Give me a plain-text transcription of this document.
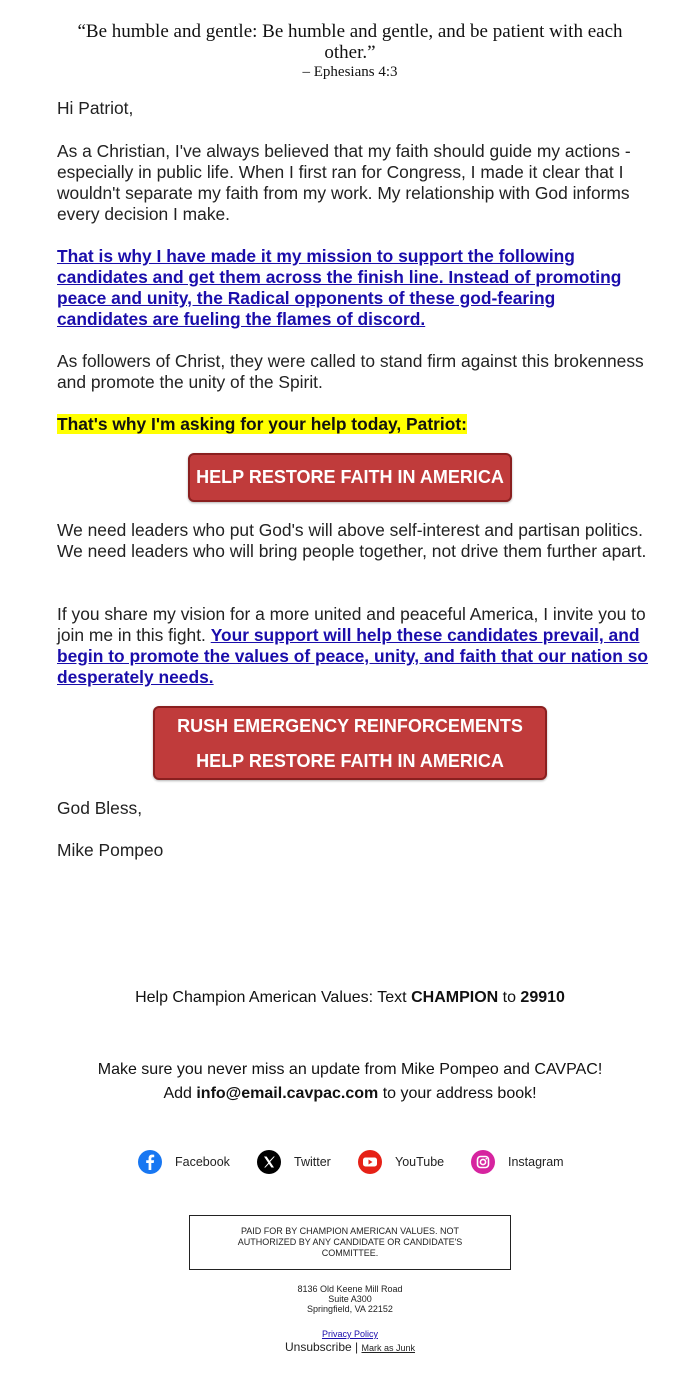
“Be humble and gentle: Be humble and gentle, and be patient with each other.”
– Ephesians 4:3
Hi Patriot,
As a Christian, I've always believed that my faith should guide my actions - especially in public life. When I first ran for Congress, I made it clear that I wouldn't separate my faith from my work. My relationship with God informs every decision I make.
That is why I have made it my mission to support the following candidates and get them across the finish line. Instead of promoting peace and unity, the Radical opponents of these god-fearing candidates are fueling the flames of discord.
As followers of Christ, they were called to stand firm against this brokenness and promote the unity of the Spirit.
That's why I'm asking for your help today, Patriot:
HELP RESTORE FAITH IN AMERICA
We need leaders who put God's will above self-interest and partisan politics. We need leaders who will bring people together, not drive them further apart.
If you share my vision for a more united and peaceful America, I invite you to join me in this fight. Your support will help these candidates prevail, and begin to promote the values of peace, unity, and faith that our nation so desperately needs.
RUSH EMERGENCY REINFORCEMENTS
HELP RESTORE FAITH IN AMERICA
God Bless,
Mike Pompeo
Help Champion American Values: Text CHAMPION to 29910
Make sure you never miss an update from Mike Pompeo and CAVPAC!
Add info@email.cavpac.com to your address book!
Facebook	Twitter	YouTube	Instagram
PAID FOR BY CHAMPION AMERICAN VALUES. NOT AUTHORIZED BY ANY CANDIDATE OR CANDIDATE'S COMMITTEE.
8136 Old Keene Mill Road
Suite A300
Springfield, VA 22152
Privacy Policy
Unsubscribe | Mark as Junk
